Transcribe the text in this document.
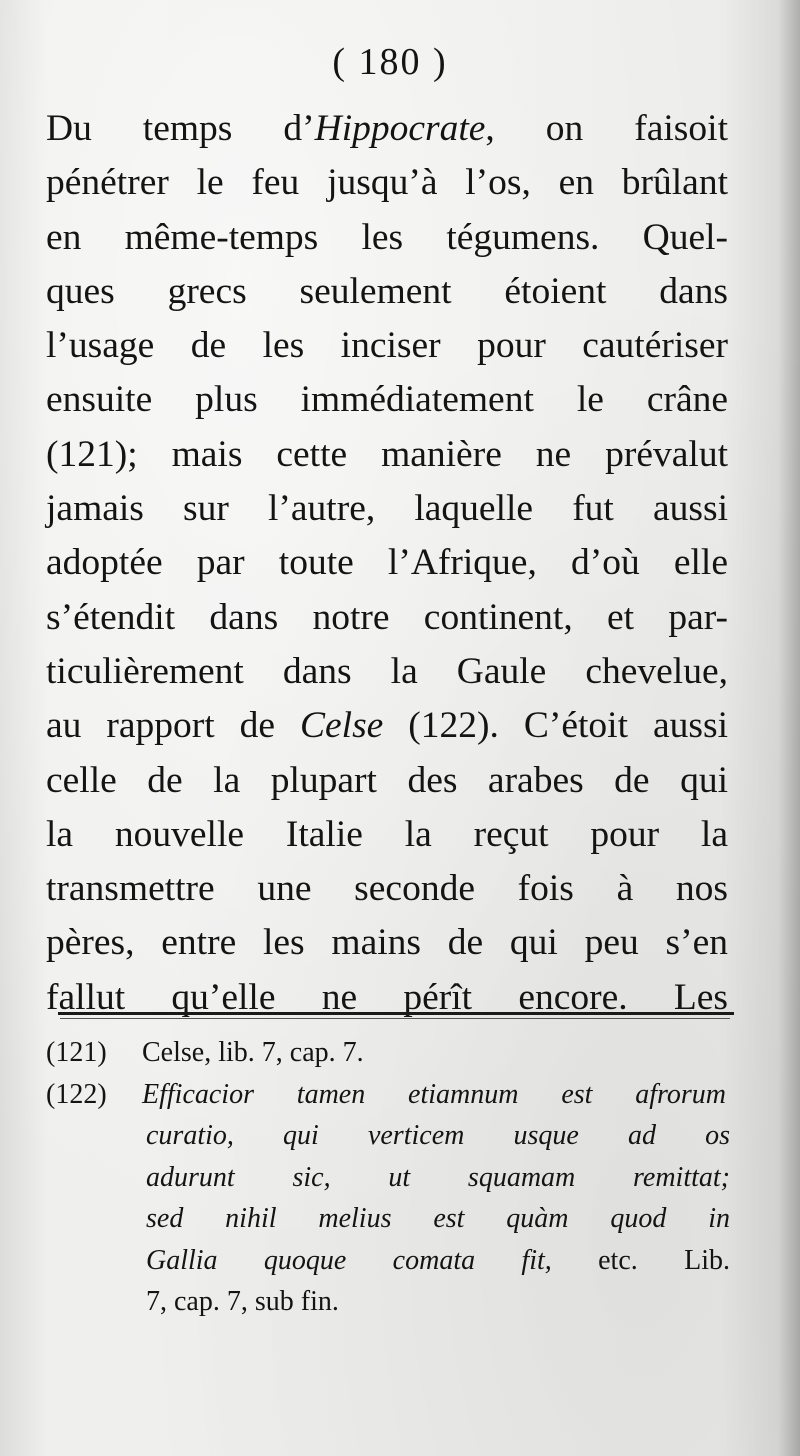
( 180 )
Du temps d’Hippocrate, on faisoit
pénétrer le feu jusqu’à l’os, en brûlant
en même-temps les tégumens. Quel-
ques grecs seulement étoient dans
l’usage de les inciser pour cautériser
ensuite plus immédiatement le crâne
(121); mais cette manière ne prévalut
jamais sur l’autre, laquelle fut aussi
adoptée par toute l’Afrique, d’où elle
s’étendit dans notre continent, et par-
ticulièrement dans la Gaule chevelue,
au rapport de Celse (122). C’étoit aussi
celle de la plupart des arabes de qui
la nouvelle Italie la reçut pour la
transmettre une seconde fois à nos
pères, entre les mains de qui peu s’en
fallut qu’elle ne pérît encore. Les
(121) Celse, lib. 7, cap. 7.
(122) Efficacior tamen etiamnum est afrorum
curatio, qui verticem usque ad os
adurunt sic, ut squamam remittat;
sed nihil melius est quàm quod in
Gallia quoque comata fit, etc. Lib.
7, cap. 7, sub fin.
